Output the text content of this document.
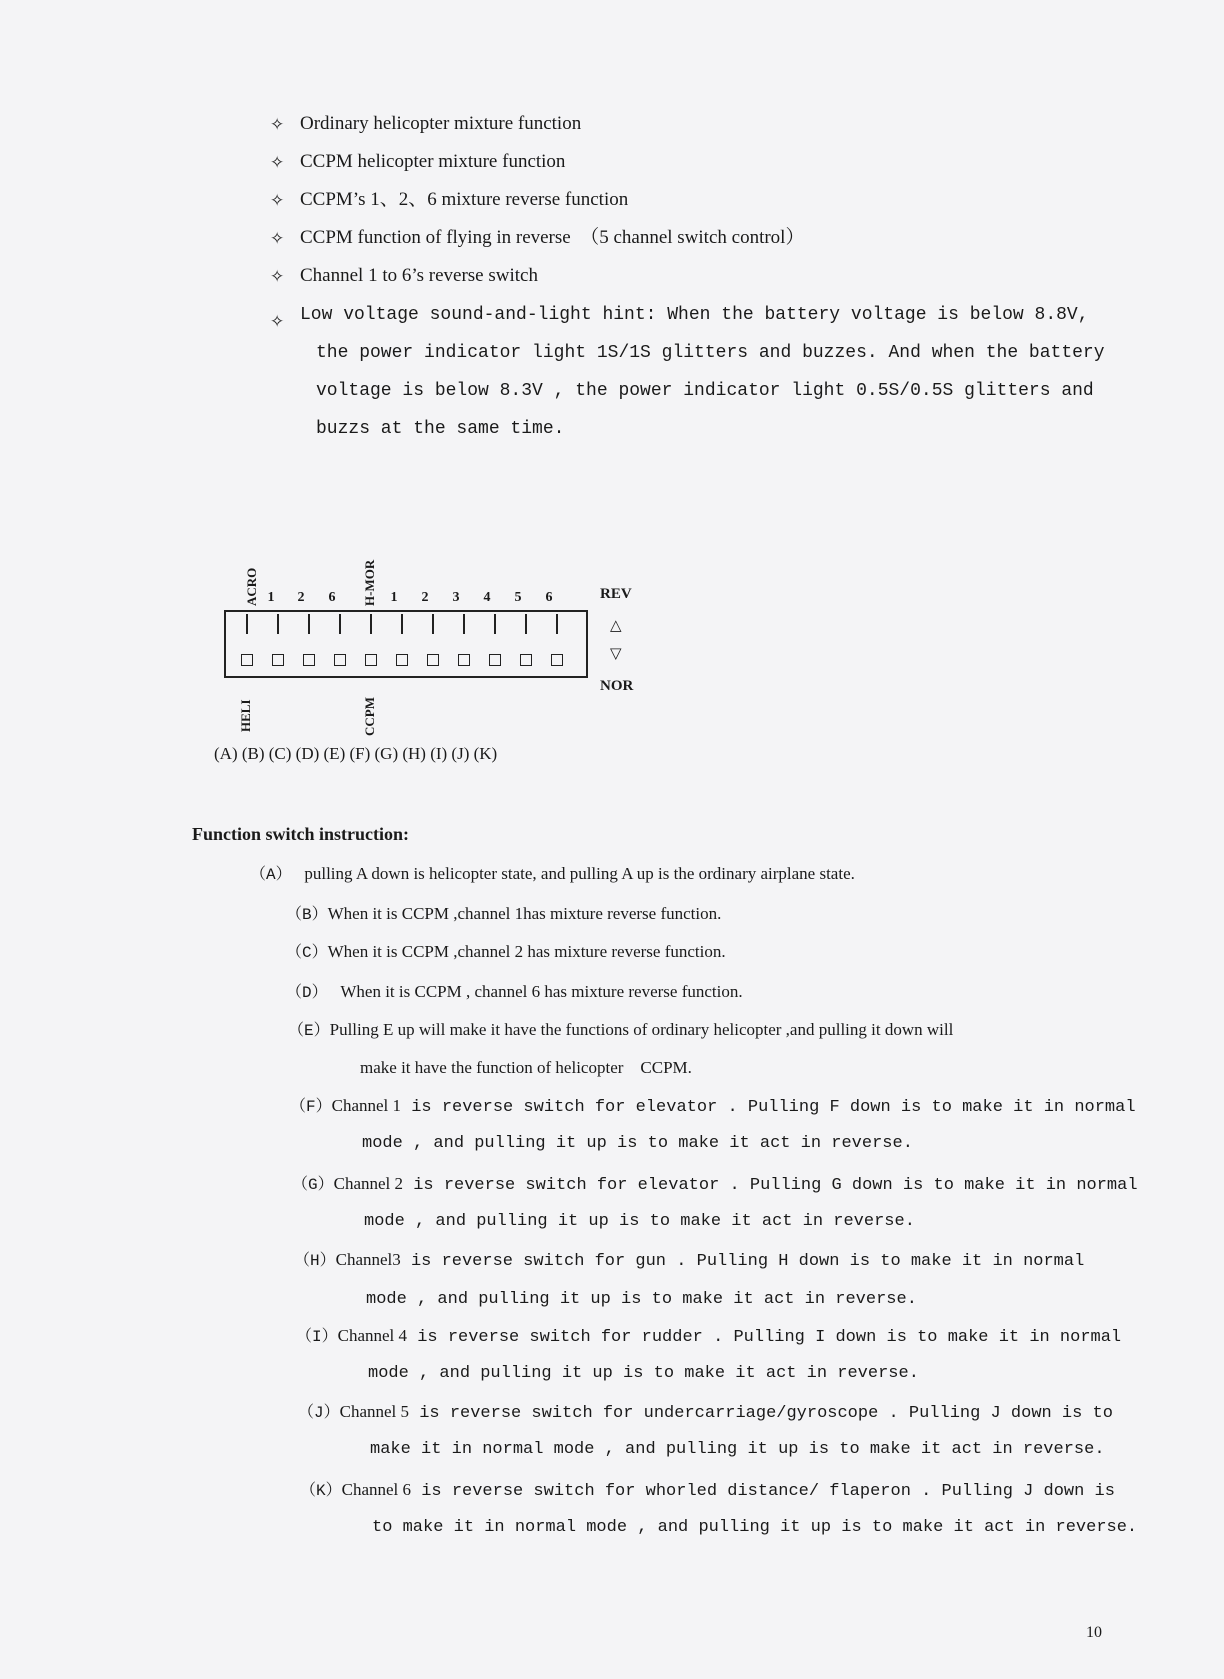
✧ Ordinary helicopter mixture function
✧ CCPM helicopter mixture function
✧ CCPM’s 1、2、6 mixture reverse function
✧ CCPM function of flying in reverse　（5 channel switch control）
✧ Channel 1 to 6’s reverse switch
✧ Low voltage sound-and-light hint: When the battery voltage is below 8.8V,
the power indicator light 1S/1S glitters and buzzes. And when the battery
voltage is below 8.3V , the power indicator light 0.5S/0.5S glitters and
buzzs at the same time.
ACRO	H-MOR
1 2 6	1 2 3 4 5 6	REV
△
▽
NOR
HELI	CCPM
(A) (B) (C) (D) (E) (F) (G) (H) (I) (J) (K)
Function switch instruction:
（A） pulling A down is helicopter state, and pulling A up is the ordinary airplane state.
（B）When it is CCPM ,channel 1has mixture reverse function.
（C）When it is CCPM ,channel 2 has mixture reverse function.
（D） When it is CCPM , channel 6 has mixture reverse function.
（E）Pulling E up will make it have the functions of ordinary helicopter ,and pulling it down will
make it have the function of helicopter　CCPM.
（F）Channel 1 is reverse switch for elevator . Pulling F down is to make it in normal
mode , and pulling it up is to make it act in reverse.
（G）Channel 2 is reverse switch for elevator . Pulling G down is to make it in normal
mode , and pulling it up is to make it act in reverse.
（H）Channel3 is reverse switch for gun . Pulling H down is to make it in normal
mode , and pulling it up is to make it act in reverse.
（I）Channel 4 is reverse switch for rudder . Pulling I down is to make it in normal
mode , and pulling it up is to make it act in reverse.
（J）Channel 5 is reverse switch for undercarriage/gyroscope . Pulling J down is to
make it in normal mode , and pulling it up is to make it act in reverse.
（K）Channel 6 is reverse switch for whorled distance/ flaperon . Pulling J down is
to make it in normal mode , and pulling it up is to make it act in reverse.
10
